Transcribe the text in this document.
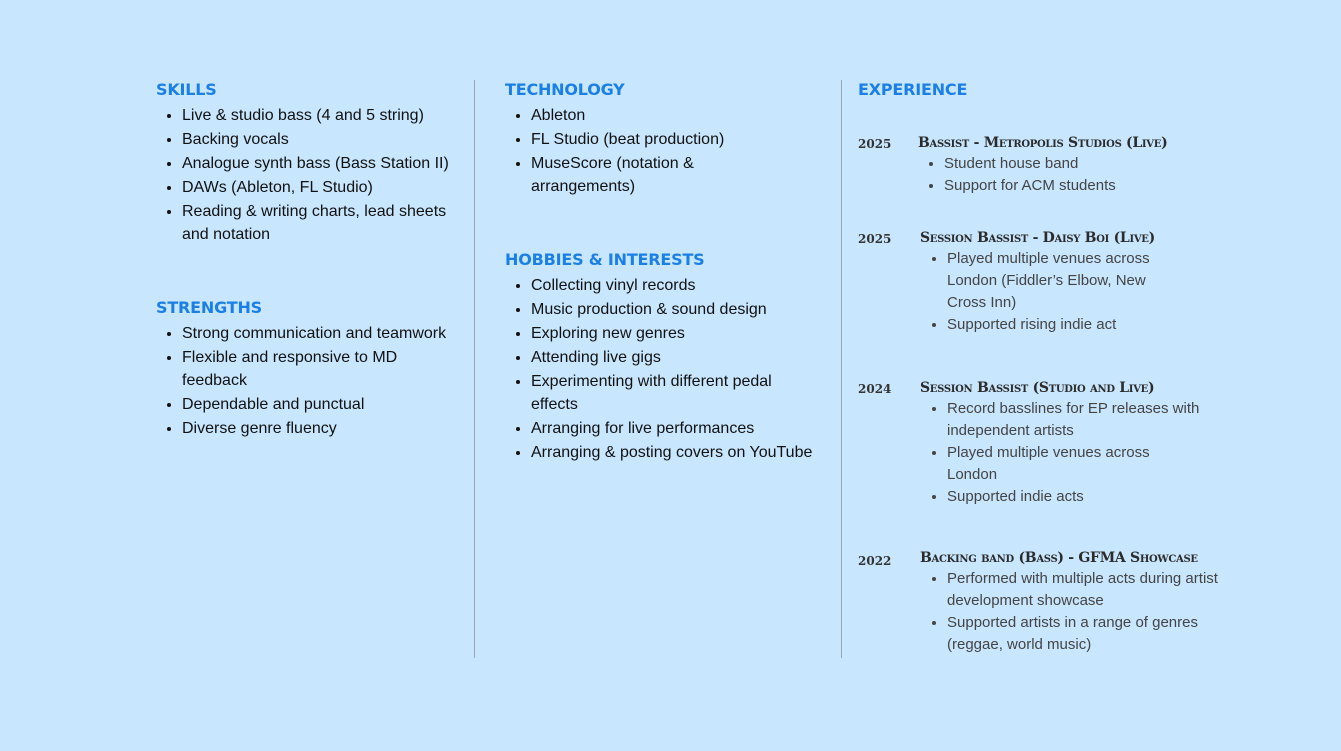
SKILLS
• Live & studio bass (4 and 5 string)
• Backing vocals
• Analogue synth bass (Bass Station II)
• DAWs (Ableton, FL Studio)
• Reading & writing charts, lead sheets and notation
STRENGTHS
• Strong communication and teamwork
• Flexible and responsive to MD feedback
• Dependable and punctual
• Diverse genre fluency
TECHNOLOGY
• Ableton
• FL Studio (beat production)
• MuseScore (notation & arrangements)
HOBBIES & INTERESTS
• Collecting vinyl records
• Music production & sound design
• Exploring new genres
• Attending live gigs
• Experimenting with different pedal effects
• Arranging for live performances
• Arranging & posting covers on YouTube
EXPERIENCE
2025 Bassist - Metropolis Studios (Live)
• Student house band
• Support for ACM students
2025 Session Bassist - Daisy Boi (Live)
• Played multiple venues across London (Fiddler’s Elbow, New Cross Inn)
• Supported rising indie act
2024 Session Bassist (Studio and Live)
• Record basslines for EP releases with independent artists
• Played multiple venues across London
• Supported indie acts
2022 Backing band (Bass) - GFMA Showcase
• Performed with multiple acts during artist development showcase
• Supported artists in a range of genres (reggae, world music)
